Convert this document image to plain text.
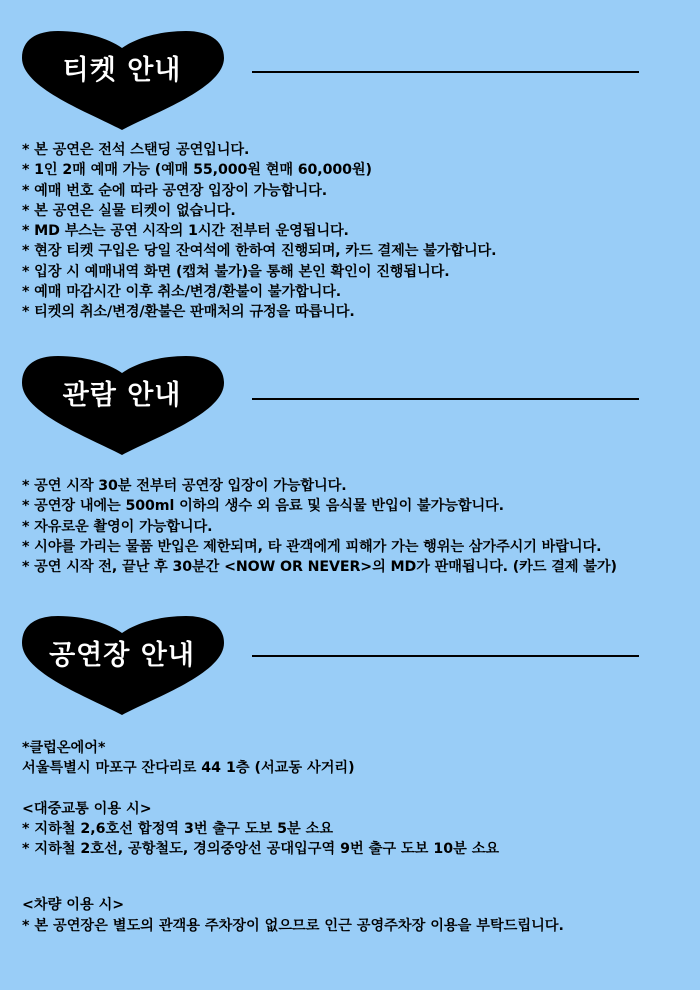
티켓 안내
* 본 공연은 전석 스탠딩 공연입니다.
* 1인 2매 예매 가능 (예매 55,000원 현매 60,000원)
* 예매 번호 순에 따라 공연장 입장이 가능합니다.
* 본 공연은 실물 티켓이 없습니다.
* MD 부스는 공연 시작의 1시간 전부터 운영됩니다.
* 현장 티켓 구입은 당일 잔여석에 한하여 진행되며, 카드 결제는 불가합니다.
* 입장 시 예매내역 화면 (캡쳐 불가)을 통해 본인 확인이 진행됩니다.
* 예매 마감시간 이후 취소/변경/환불이 불가합니다.
* 티켓의 취소/변경/환불은 판매처의 규정을 따릅니다.
관람 안내
* 공연 시작 30분 전부터 공연장 입장이 가능합니다.
* 공연장 내에는 500ml 이하의 생수 외 음료 및 음식물 반입이 불가능합니다.
* 자유로운 촬영이 가능합니다.
* 시야를 가리는 물품 반입은 제한되며, 타 관객에게 피해가 가는 행위는 삼가주시기 바랍니다.
* 공연 시작 전, 끝난 후 30분간 <NOW OR NEVER>의 MD가 판매됩니다. (카드 결제 불가)
공연장 안내
*클럽온에어*
서울특별시 마포구 잔다리로 44 1층 (서교동 사거리)
<대중교통 이용 시>
* 지하철 2,6호선 합정역 3번 출구 도보 5분 소요
* 지하철 2호선, 공항철도, 경의중앙선 공대입구역 9번 출구 도보 10분 소요
<차량 이용 시>
* 본 공연장은 별도의 관객용 주차장이 없으므로 인근 공영주차장 이용을 부탁드립니다.
